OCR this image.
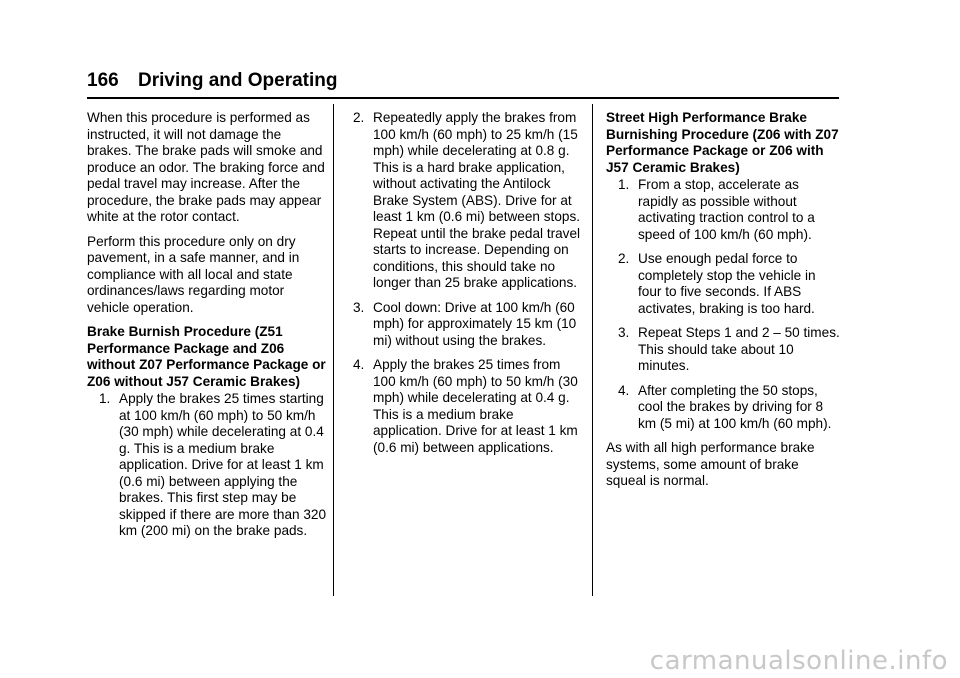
166 Driving and Operating

When this procedure is performed as instructed, it will not damage the brakes. The brake pads will smoke and produce an odor. The braking force and pedal travel may increase. After the procedure, the brake pads may appear white at the rotor contact.

Perform this procedure only on dry pavement, in a safe manner, and in compliance with all local and state ordinances/laws regarding motor vehicle operation.

Brake Burnish Procedure (Z51 Performance Package and Z06 without Z07 Performance Package or Z06 without J57 Ceramic Brakes)

1. Apply the brakes 25 times starting at 100 km/h (60 mph) to 50 km/h (30 mph) while decelerating at 0.4 g. This is a medium brake application. Drive for at least 1 km (0.6 mi) between applying the brakes. This first step may be skipped if there are more than 320 km (200 mi) on the brake pads.
2. Repeatedly apply the brakes from 100 km/h (60 mph) to 25 km/h (15 mph) while decelerating at 0.8 g. This is a hard brake application, without activating the Antilock Brake System (ABS). Drive for at least 1 km (0.6 mi) between stops. Repeat until the brake pedal travel starts to increase. Depending on conditions, this should take no longer than 25 brake applications.
3. Cool down: Drive at 100 km/h (60 mph) for approximately 15 km (10 mi) without using the brakes.
4. Apply the brakes 25 times from 100 km/h (60 mph) to 50 km/h (30 mph) while decelerating at 0.4 g. This is a medium brake application. Drive for at least 1 km (0.6 mi) between applications.

Street High Performance Brake Burnishing Procedure (Z06 with Z07 Performance Package or Z06 with J57 Ceramic Brakes)

1. From a stop, accelerate as rapidly as possible without activating traction control to a speed of 100 km/h (60 mph).
2. Use enough pedal force to completely stop the vehicle in four to five seconds. If ABS activates, braking is too hard.
3. Repeat Steps 1 and 2 – 50 times. This should take about 10 minutes.
4. After completing the 50 stops, cool the brakes by driving for 8 km (5 mi) at 100 km/h (60 mph).

As with all high performance brake systems, some amount of brake squeal is normal.

carmanualsonline.info
